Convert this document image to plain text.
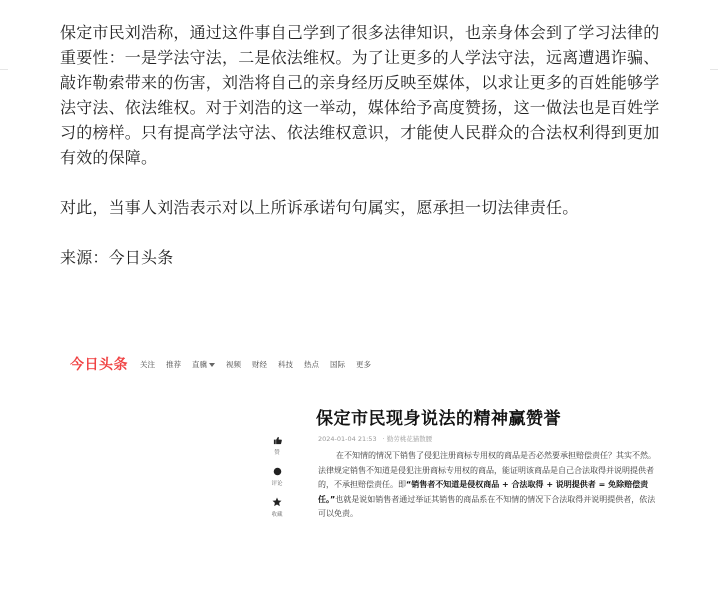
保定市民刘浩称，通过这件事自己学到了很多法律知识，也亲身体会到了学习法律的重要性：一是学法守法，二是依法维权。为了让更多的人学法守法，远离遭遇诈骗、敲诈勒索带来的伤害，刘浩将自己的亲身经历反映至媒体，以求让更多的百姓能够学法守法、依法维权。对于刘浩的这一举动，媒体给予高度赞扬，这一做法也是百姓学习的榜样。只有提高学法守法、依法维权意识，才能使人民群众的合法权利得到更加有效的保障。

对此，当事人刘浩表示对以上所诉承诺句句属实，愿承担一切法律责任。

来源：今日头条

今日头条 关注 推荐 直骥	视频 财经 科技 热点 国际 更多
赞
评论
收藏
保定市民现身说法的精神赢赞誉
2024-01-04 21:53 · 勤劳桃花猫散腰
在不知情的情况下销售了侵犯注册商标专用权的商品是否必然要承担赔偿责任？其实不然。法律规定销售不知道是侵犯注册商标专用权的商品，能证明该商品是自己合法取得并说明提供者的，不承担赔偿责任。即“销售者不知道是侵权商品 + 合法取得 + 说明提供者 = 免除赔偿责任。”也就是说如销售者通过举证其销售的商品系在不知情的情况下合法取得并说明提供者，依法可以免责。
